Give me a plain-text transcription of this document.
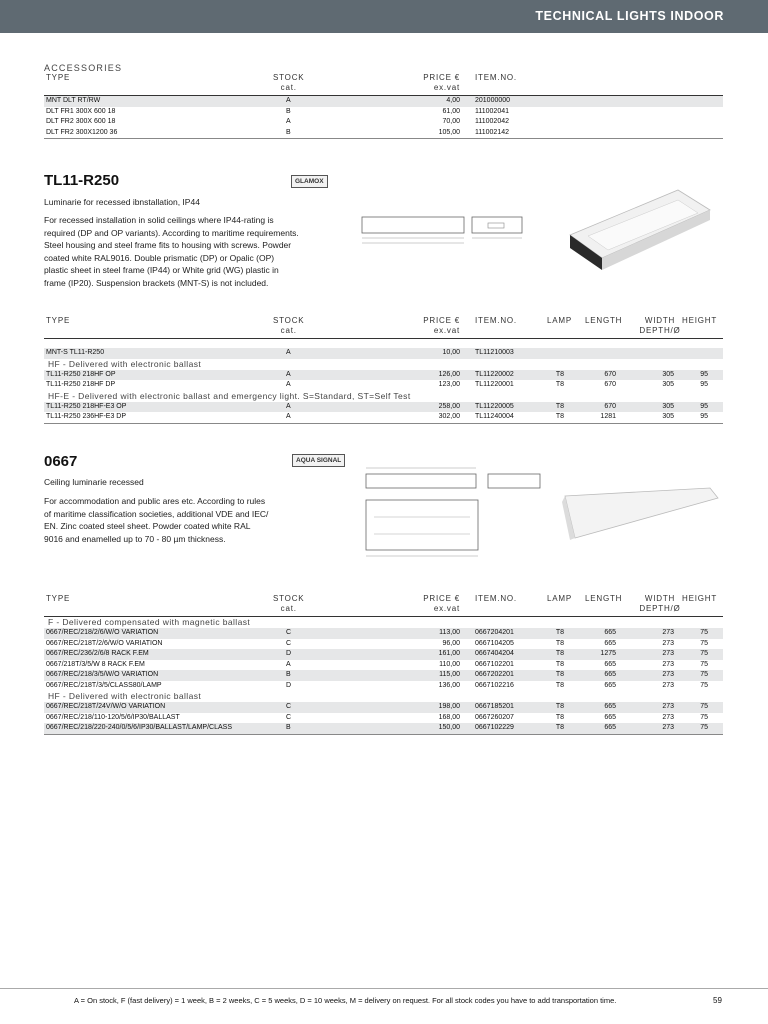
TECHNICAL LIGHTS INDOOR
ACCESSORIES
TYPE	STOCK
cat.
PRICE €
ex.vat
ITEM.NO.
MNT DLT RT/RW	A	4,00 201000000
DLT FR1 300X 600 18	B	61,00 111002041
DLT FR2 300X 600 18	A	70,00 111002042
DLT FR2 300X1200 36	B	105,00 111002142
TL11-R250	GLAMOX
Luminarie for recessed ibnstallation, IP44
For recessed installation in solid ceilings where IP44-rating is
required (DP and OP variants). According to maritime requirements.
Steel housing and steel frame fits to housing with screws. Powder
coated white RAL9016. Double prismatic (DP) or Opalic (OP)
plastic sheet in steel frame (IP44) or White grid (WG) plastic in
frame (IP20). Suspension brackets (MNT-S) is not included.
TYPE	STOCK
cat.
PRICE €
ex.vat
ITEM.NO.	LAMP LENGTH	WIDTH
DEPTH/Ø
HEIGHT
MNT-S TL11-R250	A	10,00 TL11210003
HF - Delivered with electronic ballast
TL11-R250 218HF OP	A	126,00 TL11220002	T8	670	305	95
TL11-R250 218HF DP	A	123,00 TL11220001	T8	670	305	95
HF-E - Delivered with electronic ballast and emergency light. S=Standard, ST=Self Test
TL11-R250 218HF-E3 OP	A	258,00 TL11220005	T8	670	305	95
TL11-R250 236HF-E3 DP	A	302,00 TL11240004	T8	1281	305	95
0667	AQUA SIGNAL
Ceiling luminarie recessed
For accommodation and public ares etc. According to rules
of maritime classification societies, additional VDE and IEC/
EN. Zinc coated steel sheet. Powder coated white RAL
9016 and enamelled up to 70 - 80 µm thickness.
TYPE	STOCK
cat.
PRICE €
ex.vat
ITEM.NO.	LAMP LENGTH	WIDTH
DEPTH/Ø
HEIGHT
F - Delivered compensated with magnetic ballast
0667/REC/218/2/6/W/O VARIATION	C	113,00 0667204201	T8	665	273	75
0667/REC/218T/2/6/W/O VARIATION	C	96,00 0667104205	T8	665	273	75
0667/REC/236/2/6/8 RACK F.EM	D	161,00 0667404204	T8	1275	273	75
0667/218T/3/5/W 8 RACK F.EM	A	110,00 0667102201	T8	665	273	75
0667/REC/218/3/5/W/O VARIATION	B	115,00 0667202201	T8	665	273	75
0667/REC/218T/3/5/CLASS80/LAMP	D	136,00 0667102216	T8	665	273	75
HF - Delivered with electronic ballast
0667/REC/218T/24V/W/O VARIATION	C	198,00 0667185201	T8	665	273	75
0667/REC/218/110-120/5/6/IP30/BALLAST	C	168,00 0667260207	T8	665	273	75
0667/REC/218/220-240/0/5/6/IP30/BALLAST/LAMP/CLASS	B	150,00 0667102229	T8	665	273	75
A = On stock, F (fast delivery) = 1 week, B = 2 weeks, C = 5 weeks, D = 10 weeks, M = delivery on request. For all stock codes you have to add transportation time.	59
